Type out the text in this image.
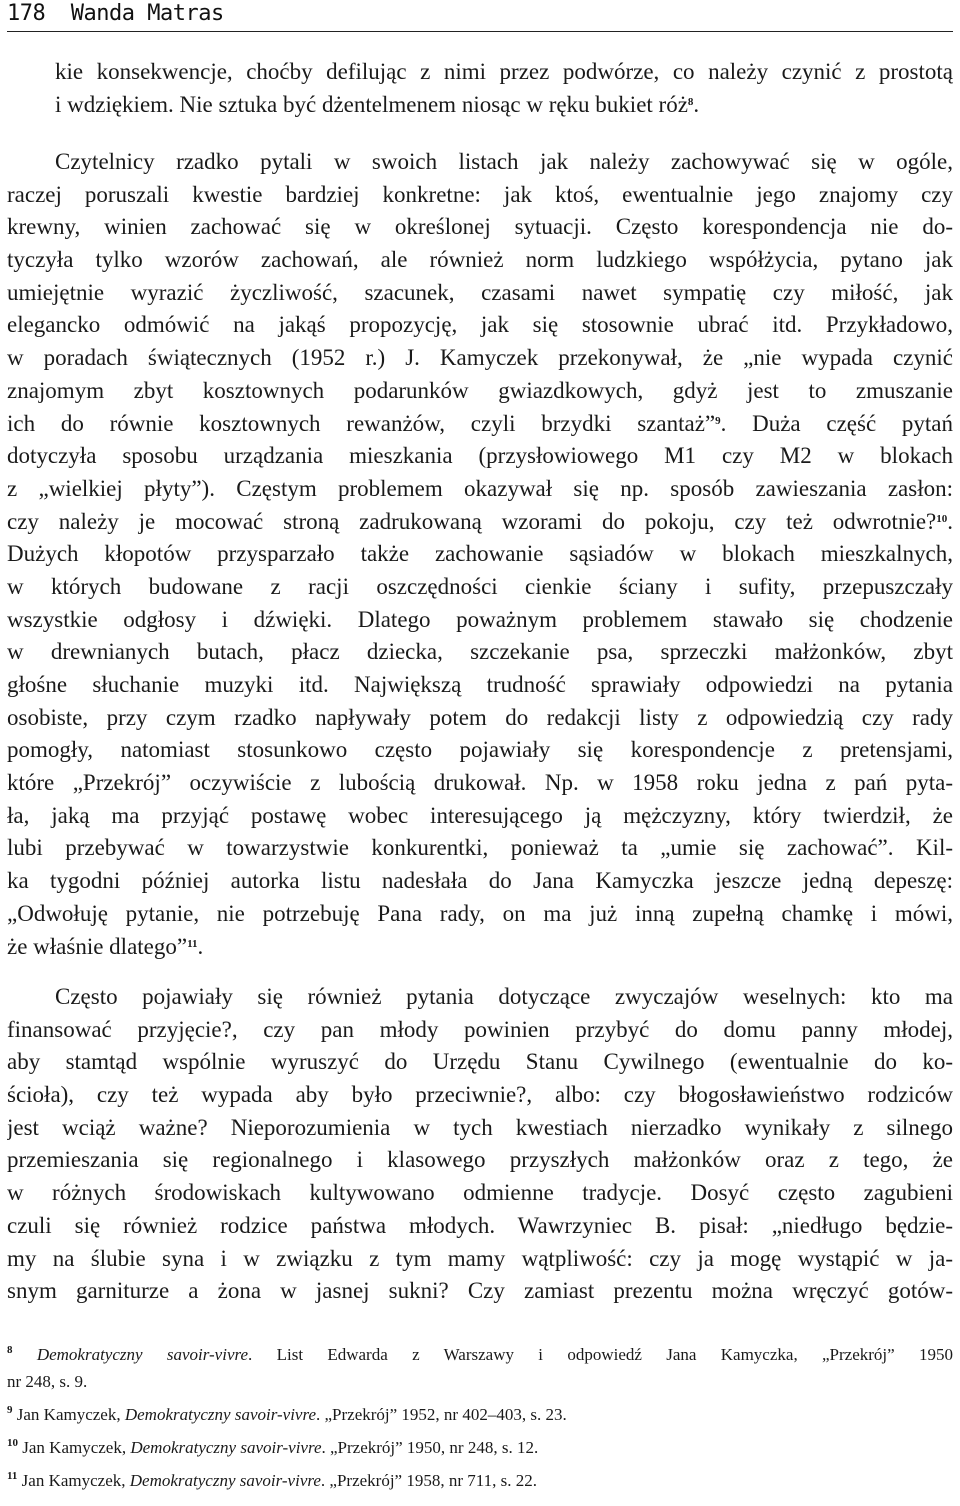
178 Wanda Matras
kie konsekwencje, choćby defilując z nimi przez podwórze, co należy czynić z prostotą
i wdziękiem. Nie sztuka być dżentelmenem niosąc w ręku bukiet róż$^8$.
Czytelnicy rzadko pytali w swoich listach jak należy zachowywać się w ogóle,
raczej poruszali kwestie bardziej konkretne: jak ktoś, ewentualnie jego znajomy czy
krewny, winien zachować się w określonej sytuacji. Często korespondencja nie do-
tyczyła tylko wzorów zachowań, ale również norm ludzkiego współżycia, pytano jak
umiejętnie wyrazić życzliwość, szacunek, czasami nawet sympatię czy miłość, jak
elegancko odmówić na jakąś propozycję, jak się stosownie ubrać itd. Przykładowo,
w poradach świątecznych (1952 r.) J. Kamyczek przekonywał, że „nie wypada czynić
znajomym zbyt kosztownych podarunków gwiazdkowych, gdyż jest to zmuszanie
ich do równie kosztownych rewanżów, czyli brzydki szantaż”$^9$. Duża część pytań
dotyczyła sposobu urządzania mieszkania (przysłowiowego M1 czy M2 w blokach
z „wielkiej płyty”). Częstym problemem okazywał się np. sposób zawieszania zasłon:
czy należy je mocować stroną zadrukowaną wzorami do pokoju, czy też odwrotnie?$^{10}$.
Dużych kłopotów przysparzało także zachowanie sąsiadów w blokach mieszkalnych,
w których budowane z racji oszczędności cienkie ściany i sufity, przepuszczały
wszystkie odgłosy i dźwięki. Dlatego poważnym problemem stawało się chodzenie
w drewnianych butach, płacz dziecka, szczekanie psa, sprzeczki małżonków, zbyt
głośne słuchanie muzyki itd. Największą trudność sprawiały odpowiedzi na pytania
osobiste, przy czym rzadko napływały potem do redakcji listy z odpowiedzią czy rady
pomogły, natomiast stosunkowo często pojawiały się korespondencje z pretensjami,
które „Przekrój” oczywiście z lubością drukował. Np. w 1958 roku jedna z pań pyta-
ła, jaką ma przyjąć postawę wobec interesującego ją mężczyzny, który twierdził, że
lubi przebywać w towarzystwie konkurentki, ponieważ ta „umie się zachować”. Kil-
ka tygodni później autorka listu nadesłała do Jana Kamyczka jeszcze jedną depeszę:
„Odwołuję pytanie, nie potrzebuję Pana rady, on ma już inną zupełną chamkę i mówi,
że właśnie dlatego”$^{11}$.
Często pojawiały się również pytania dotyczące zwyczajów weselnych: kto ma
finansować przyjęcie?, czy pan młody powinien przybyć do domu panny młodej,
aby stamtąd wspólnie wyruszyć do Urzędu Stanu Cywilnego (ewentualnie do ko-
ścioła), czy też wypada aby było przeciwnie?, albo: czy błogosławieństwo rodziców
jest wciąż ważne? Nieporozumienia w tych kwestiach nierzadko wynikały z silnego
przemieszania się regionalnego i klasowego przyszłych małżonków oraz z tego, że
w różnych środowiskach kultywowano odmienne tradycje. Dosyć często zagubieni
czuli się również rodzice państwa młodych. Wawrzyniec B. pisał: „niedługo będzie-
my na ślubie syna i w związku z tym mamy wątpliwość: czy ja mogę wystąpić w ja-
snym garniturze a żona w jasnej sukni? Czy zamiast prezentu można wręczyć gotów-
$^8$ Demokratyczny savoir-vivre. List Edwarda z Warszawy i odpowiedź Jana Kamyczka, „Przekrój” 1950
nr 248, s. 9.
$^9$ Jan Kamyczek, Demokratyczny savoir-vivre. „Przekrój” 1952, nr 402–403, s. 23.
$^{10}$ Jan Kamyczek, Demokratyczny savoir-vivre. „Przekrój” 1950, nr 248, s. 12.
$^{11}$ Jan Kamyczek, Demokratyczny savoir-vivre. „Przekrój” 1958, nr 711, s. 22.
